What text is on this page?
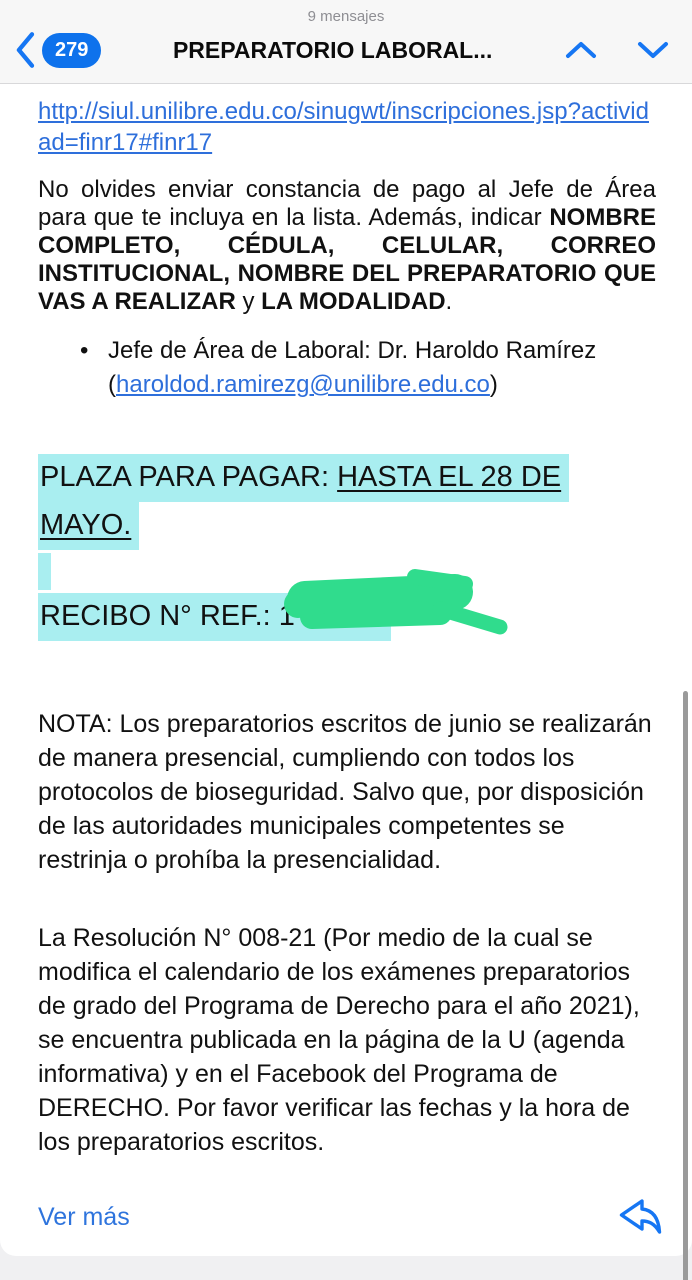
9 mensajes
279	PREPARATORIO LABORAL...
http://siul.unilibre.edu.co/sinugwt/inscripciones.jsp?actividad=finr17#finr17

No olvides enviar constancia de pago al Jefe de Área para que te incluya en la lista. Además, indicar NOMBRE COMPLETO, CÉDULA, CELULAR, CORREO INSTITUCIONAL, NOMBRE DEL PREPARATORIO QUE VAS A REALIZAR y LA MODALIDAD.

• Jefe de Área de Laboral: Dr. Haroldo Ramírez (haroldod.ramirezg@unilibre.edu.co)
PLAZA PARA PAGAR: HASTA EL 28 DE
MAYO.
RECIBO N° REF.: 1

NOTA: Los preparatorios escritos de junio se realizarán de manera presencial, cumpliendo con todos los protocolos de bioseguridad. Salvo que, por disposición de las autoridades municipales competentes se restrinja o prohíba la presencialidad.

La Resolución N° 008-21 (Por medio de la cual se modifica el calendario de los exámenes preparatorios de grado del Programa de Derecho para el año 2021), se encuentra publicada en la página de la U (agenda informativa) y en el Facebook del Programa de DERECHO. Por favor verificar las fechas y la hora de los preparatorios escritos.

Ver más
